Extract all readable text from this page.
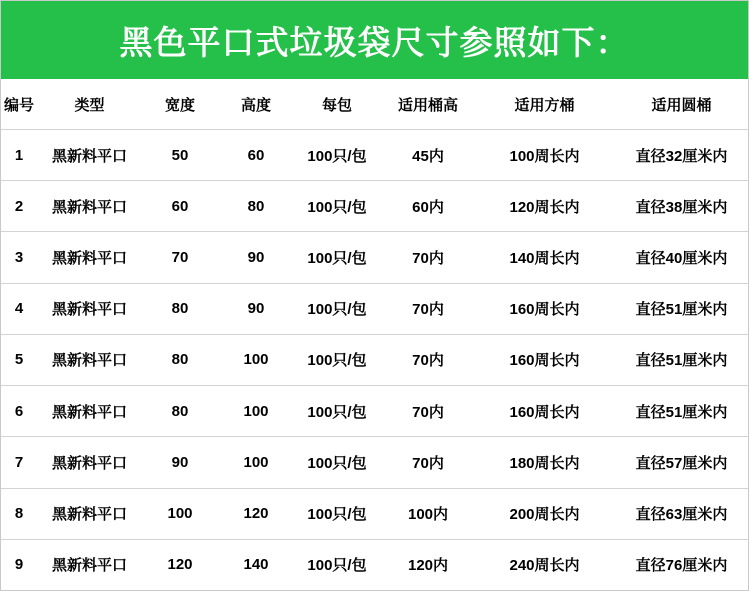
黑色平口式垃圾袋尺寸参照如下：
编号	类型	宽度	高度	每包	适用桶高	适用方桶	适用圆桶
1	黑新料平口	50	60	100只/包	45内	100周长内	直径32厘米内
2	黑新料平口	60	80	100只/包	60内	120周长内	直径38厘米内
3	黑新料平口	70	90	100只/包	70内	140周长内	直径40厘米内
4	黑新料平口	80	90	100只/包	70内	160周长内	直径51厘米内
5	黑新料平口	80	100	100只/包	70内	160周长内	直径51厘米内
6	黑新料平口	80	100	100只/包	70内	160周长内	直径51厘米内
7	黑新料平口	90	100	100只/包	70内	180周长内	直径57厘米内
8	黑新料平口	100	120	100只/包	100内	200周长内	直径63厘米内
9	黑新料平口	120	140	100只/包	120内	240周长内	直径76厘米内
